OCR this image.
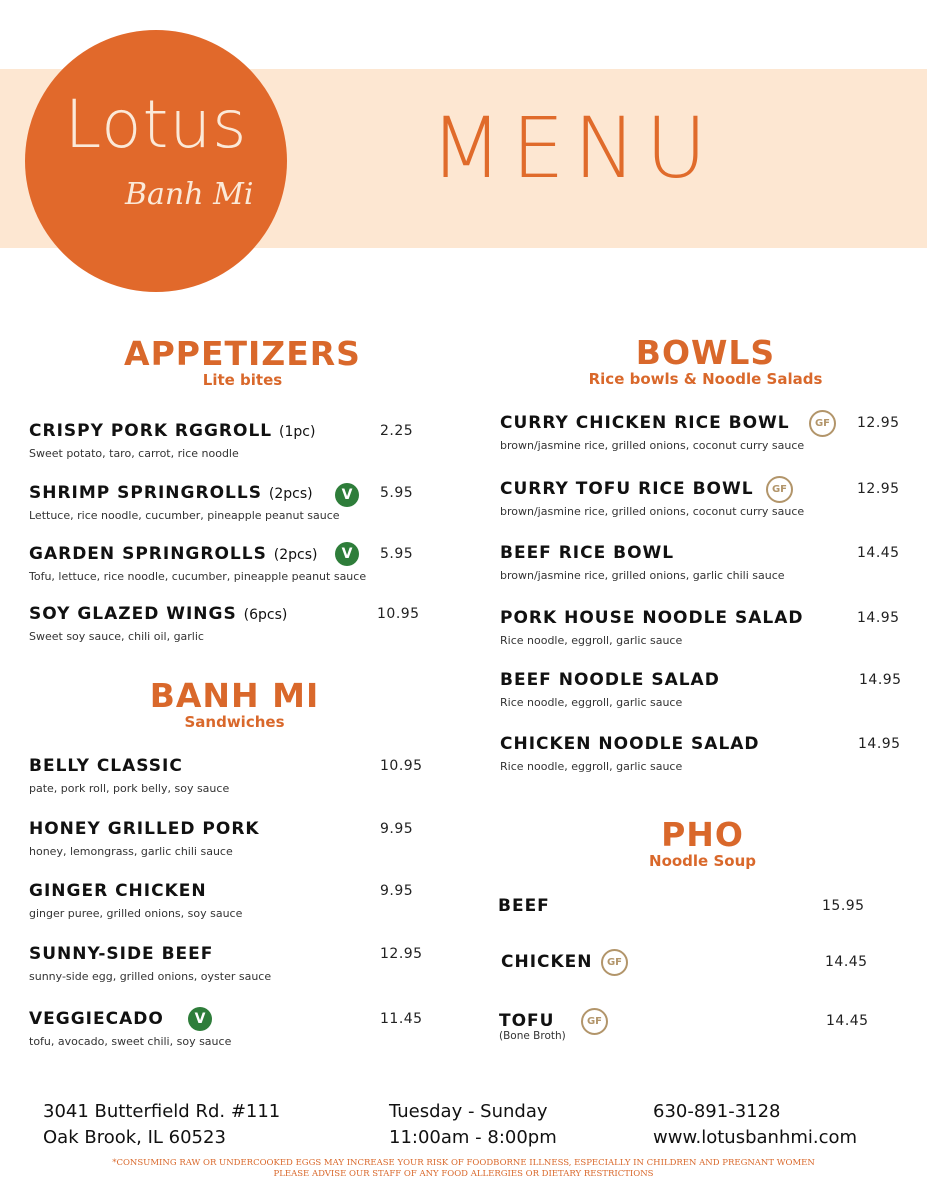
Lotus
Banh Mi MENU
APPETIZERS
Lite bites
CRISPY PORK RGGROLL (1pc)	2.25
Sweet potato, taro, carrot, rice noodle
SHRIMP SPRINGROLLS (2pcs)	V	5.95
Lettuce, rice noodle, cucumber, pineapple peanut sauce
GARDEN SPRINGROLLS (2pcs)	V	5.95
Tofu, lettuce, rice noodle, cucumber, pineapple peanut sauce
SOY GLAZED WINGS (6pcs)	10.95
Sweet soy sauce, chili oil, garlic
BANH MI
Sandwiches
BELLY CLASSIC	10.95
pate, pork roll, pork belly, soy sauce
HONEY GRILLED PORK	9.95
honey, lemongrass, garlic chili sauce
GINGER CHICKEN	9.95
ginger puree, grilled onions, soy sauce
SUNNY-SIDE BEEF	12.95
sunny-side egg, grilled onions, oyster sauce
VEGGIECADO	V	11.45
tofu, avocado, sweet chili, soy sauce
BOWLS
Rice bowls & Noodle Salads
CURRY CHICKEN RICE BOWL	GF	12.95
brown/jasmine rice, grilled onions, coconut curry sauce
CURRY TOFU RICE BOWL	GF	12.95
brown/jasmine rice, grilled onions, coconut curry sauce
BEEF RICE BOWL	14.45
brown/jasmine rice, grilled onions, garlic chili sauce
PORK HOUSE NOODLE SALAD	14.95
Rice noodle, eggroll, garlic sauce
BEEF NOODLE SALAD	14.95
Rice noodle, eggroll, garlic sauce
CHICKEN NOODLE SALAD	14.95
Rice noodle, eggroll, garlic sauce
PHO
Noodle Soup
BEEF	15.95
CHICKEN	GF	14.45
TOFU
(Bone Broth)
GF	14.45
3041 Butterfield Rd. #111
Oak Brook, IL 60523
Tuesday - Sunday
11:00am - 8:00pm
630-891-3128
www.lotusbanhmi.com
*CONSUMING RAW OR UNDERCOOKED EGGS MAY INCREASE YOUR RISK OF FOODBORNE ILLNESS, ESPECIALLY IN CHILDREN AND PREGNANT WOMEN
PLEASE ADVISE OUR STAFF OF ANY FOOD ALLERGIES OR DIETARY RESTRICTIONS
